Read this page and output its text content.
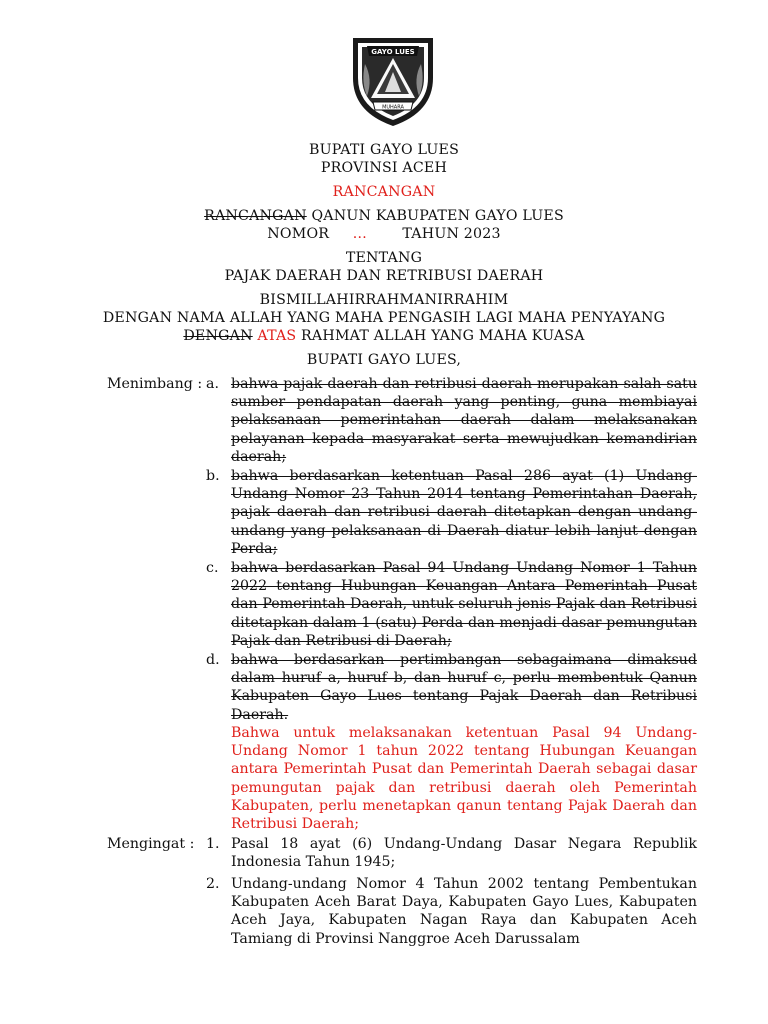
GAYO LUES
MUHARA
BUPATI GAYO LUES
PROVINSI ACEH
RANCANGAN
RANCANGAN QANUN KABUPATEN GAYO LUES
NOMOR … TAHUN 2023
TENTANG
PAJAK DAERAH DAN RETRIBUSI DAERAH
BISMILLAHIRRAHMANIRRAHIM
DENGAN NAMA ALLAH YANG MAHA PENGASIH LAGI MAHA PENYAYANG
DENGAN ATAS RAHMAT ALLAH YANG MAHA KUASA
BUPATI GAYO LUES,
Menimbang : a. bahwa pajak daerah dan retribusi daerah merupakan salah satu sumber pendapatan daerah yang penting, guna membiayai pelaksanaan pemerintahan daerah dalam melaksanakan pelayanan kepada masyarakat serta mewujudkan kemandirian daerah;
b. bahwa berdasarkan ketentuan Pasal 286 ayat (1) Undang-Undang Nomor 23 Tahun 2014 tentang Pemerintahan Daerah, pajak daerah dan retribusi daerah ditetapkan dengan undang-undang yang pelaksanaan di Daerah diatur lebih lanjut dengan Perda;
c. bahwa berdasarkan Pasal 94 Undang Undang Nomor 1 Tahun 2022 tentang Hubungan Keuangan Antara Pemerintah Pusat dan Pemerintah Daerah, untuk seluruh jenis Pajak dan Retribusi ditetapkan dalam 1 (satu) Perda dan menjadi dasar pemungutan Pajak dan Retribusi di Daerah;
d. bahwa berdasarkan pertimbangan sebagaimana dimaksud dalam huruf a, huruf b, dan huruf c, perlu membentuk Qanun Kabupaten Gayo Lues tentang Pajak Daerah dan Retribusi Daerah.
Bahwa untuk melaksanakan ketentuan Pasal 94 Undang-Undang Nomor 1 tahun 2022 tentang Hubungan Keuangan antara Pemerintah Pusat dan Pemerintah Daerah sebagai dasar pemungutan pajak dan retribusi daerah oleh Pemerintah Kabupaten, perlu menetapkan qanun tentang Pajak Daerah dan Retribusi Daerah;
Mengingat : 1. Pasal 18 ayat (6) Undang-Undang Dasar Negara Republik Indonesia Tahun 1945;
2. Undang-undang Nomor 4 Tahun 2002 tentang Pembentukan Kabupaten Aceh Barat Daya, Kabupaten Gayo Lues, Kabupaten Aceh Jaya, Kabupaten Nagan Raya dan Kabupaten Aceh Tamiang di Provinsi Nanggroe Aceh Darussalam
